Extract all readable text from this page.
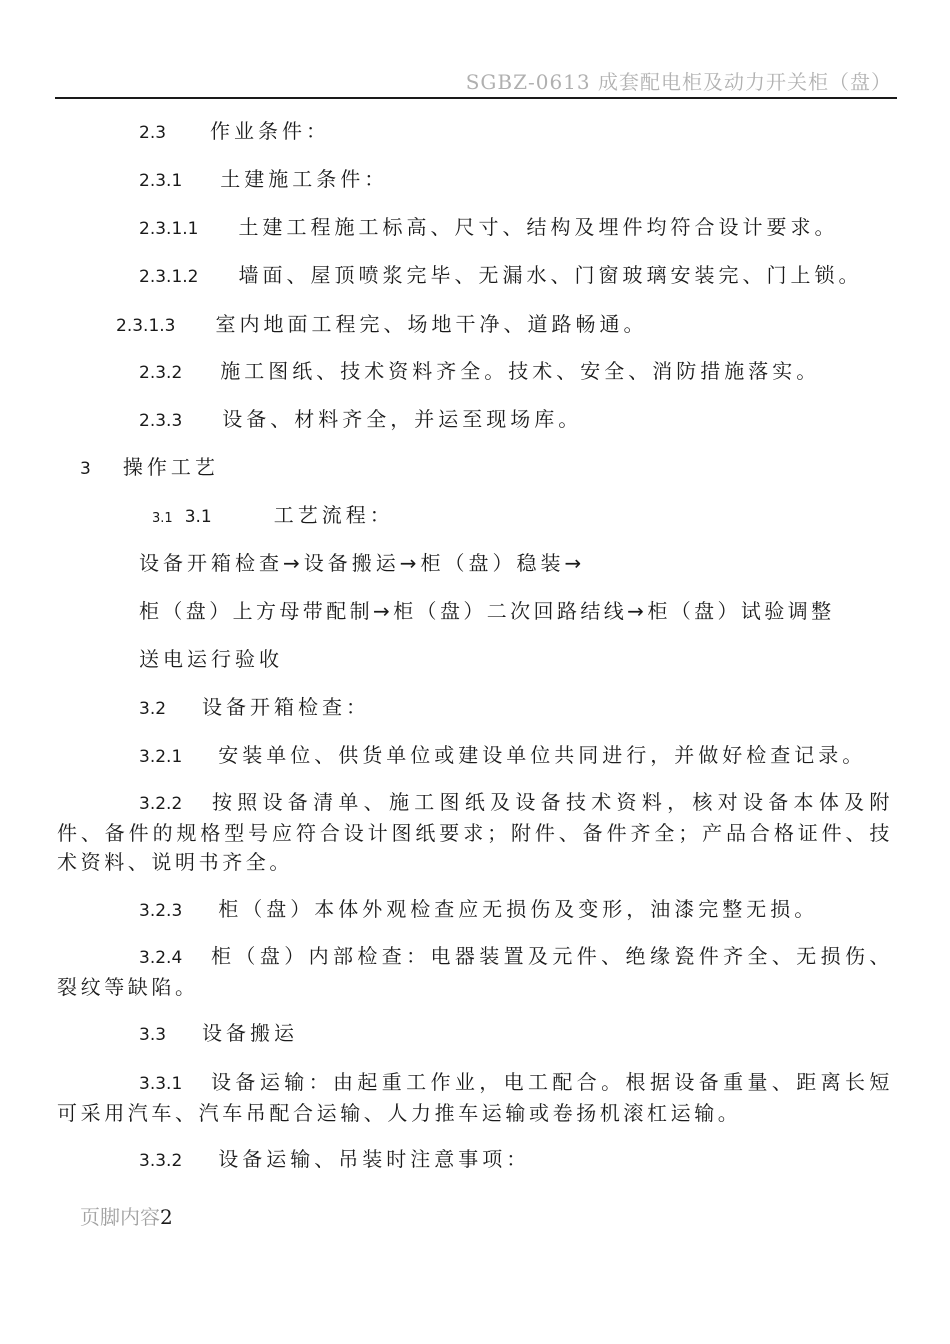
SGBZ-0613 成套配电柜及动力开关柜（盘）
2.3 作业条件：
2.3.1 土建施工条件：
2.3.1.1 土建工程施工标高、尺寸、结构及埋件均符合设计要求。
2.3.1.2 墙面、屋顶喷浆完毕、无漏水、门窗玻璃安装完、门上锁。
2.3.1.3 室内地面工程完、场地干净、道路畅通。
2.3.2 施工图纸、技术资料齐全。技术、安全、消防措施落实。
2.3.3 设备、材料齐全，并运至现场库。
3 操作工艺
3.1 3.1	工艺流程：
设备开箱检查→设备搬运→柜（盘）稳装→
柜（盘）上方母带配制→柜（盘）二次回路结线→柜（盘）试验调整
送电运行验收
3.2 设备开箱检查：
3.2.1 安装单位、供货单位或建设单位共同进行，并做好检查记录。
3.2.2 按照设备清单、施工图纸及设备技术资料，核对设备本体及附件、备件的规格型号应符合设计图纸要求；附件、备件齐全；产品合格证件、技术资料、说明书齐全。
3.2.3 柜（盘）本体外观检查应无损伤及变形，油漆完整无损。
3.2.4 柜（盘）内部检查：电器装置及元件、绝缘瓷件齐全、无损伤、裂纹等缺陷。
3.3 设备搬运
3.3.1 设备运输：由起重工作业，电工配合。根据设备重量、距离长短可采用汽车、汽车吊配合运输、人力推车运输或卷扬机滚杠运输。
3.3.2 设备运输、吊装时注意事项：
页脚内容2
